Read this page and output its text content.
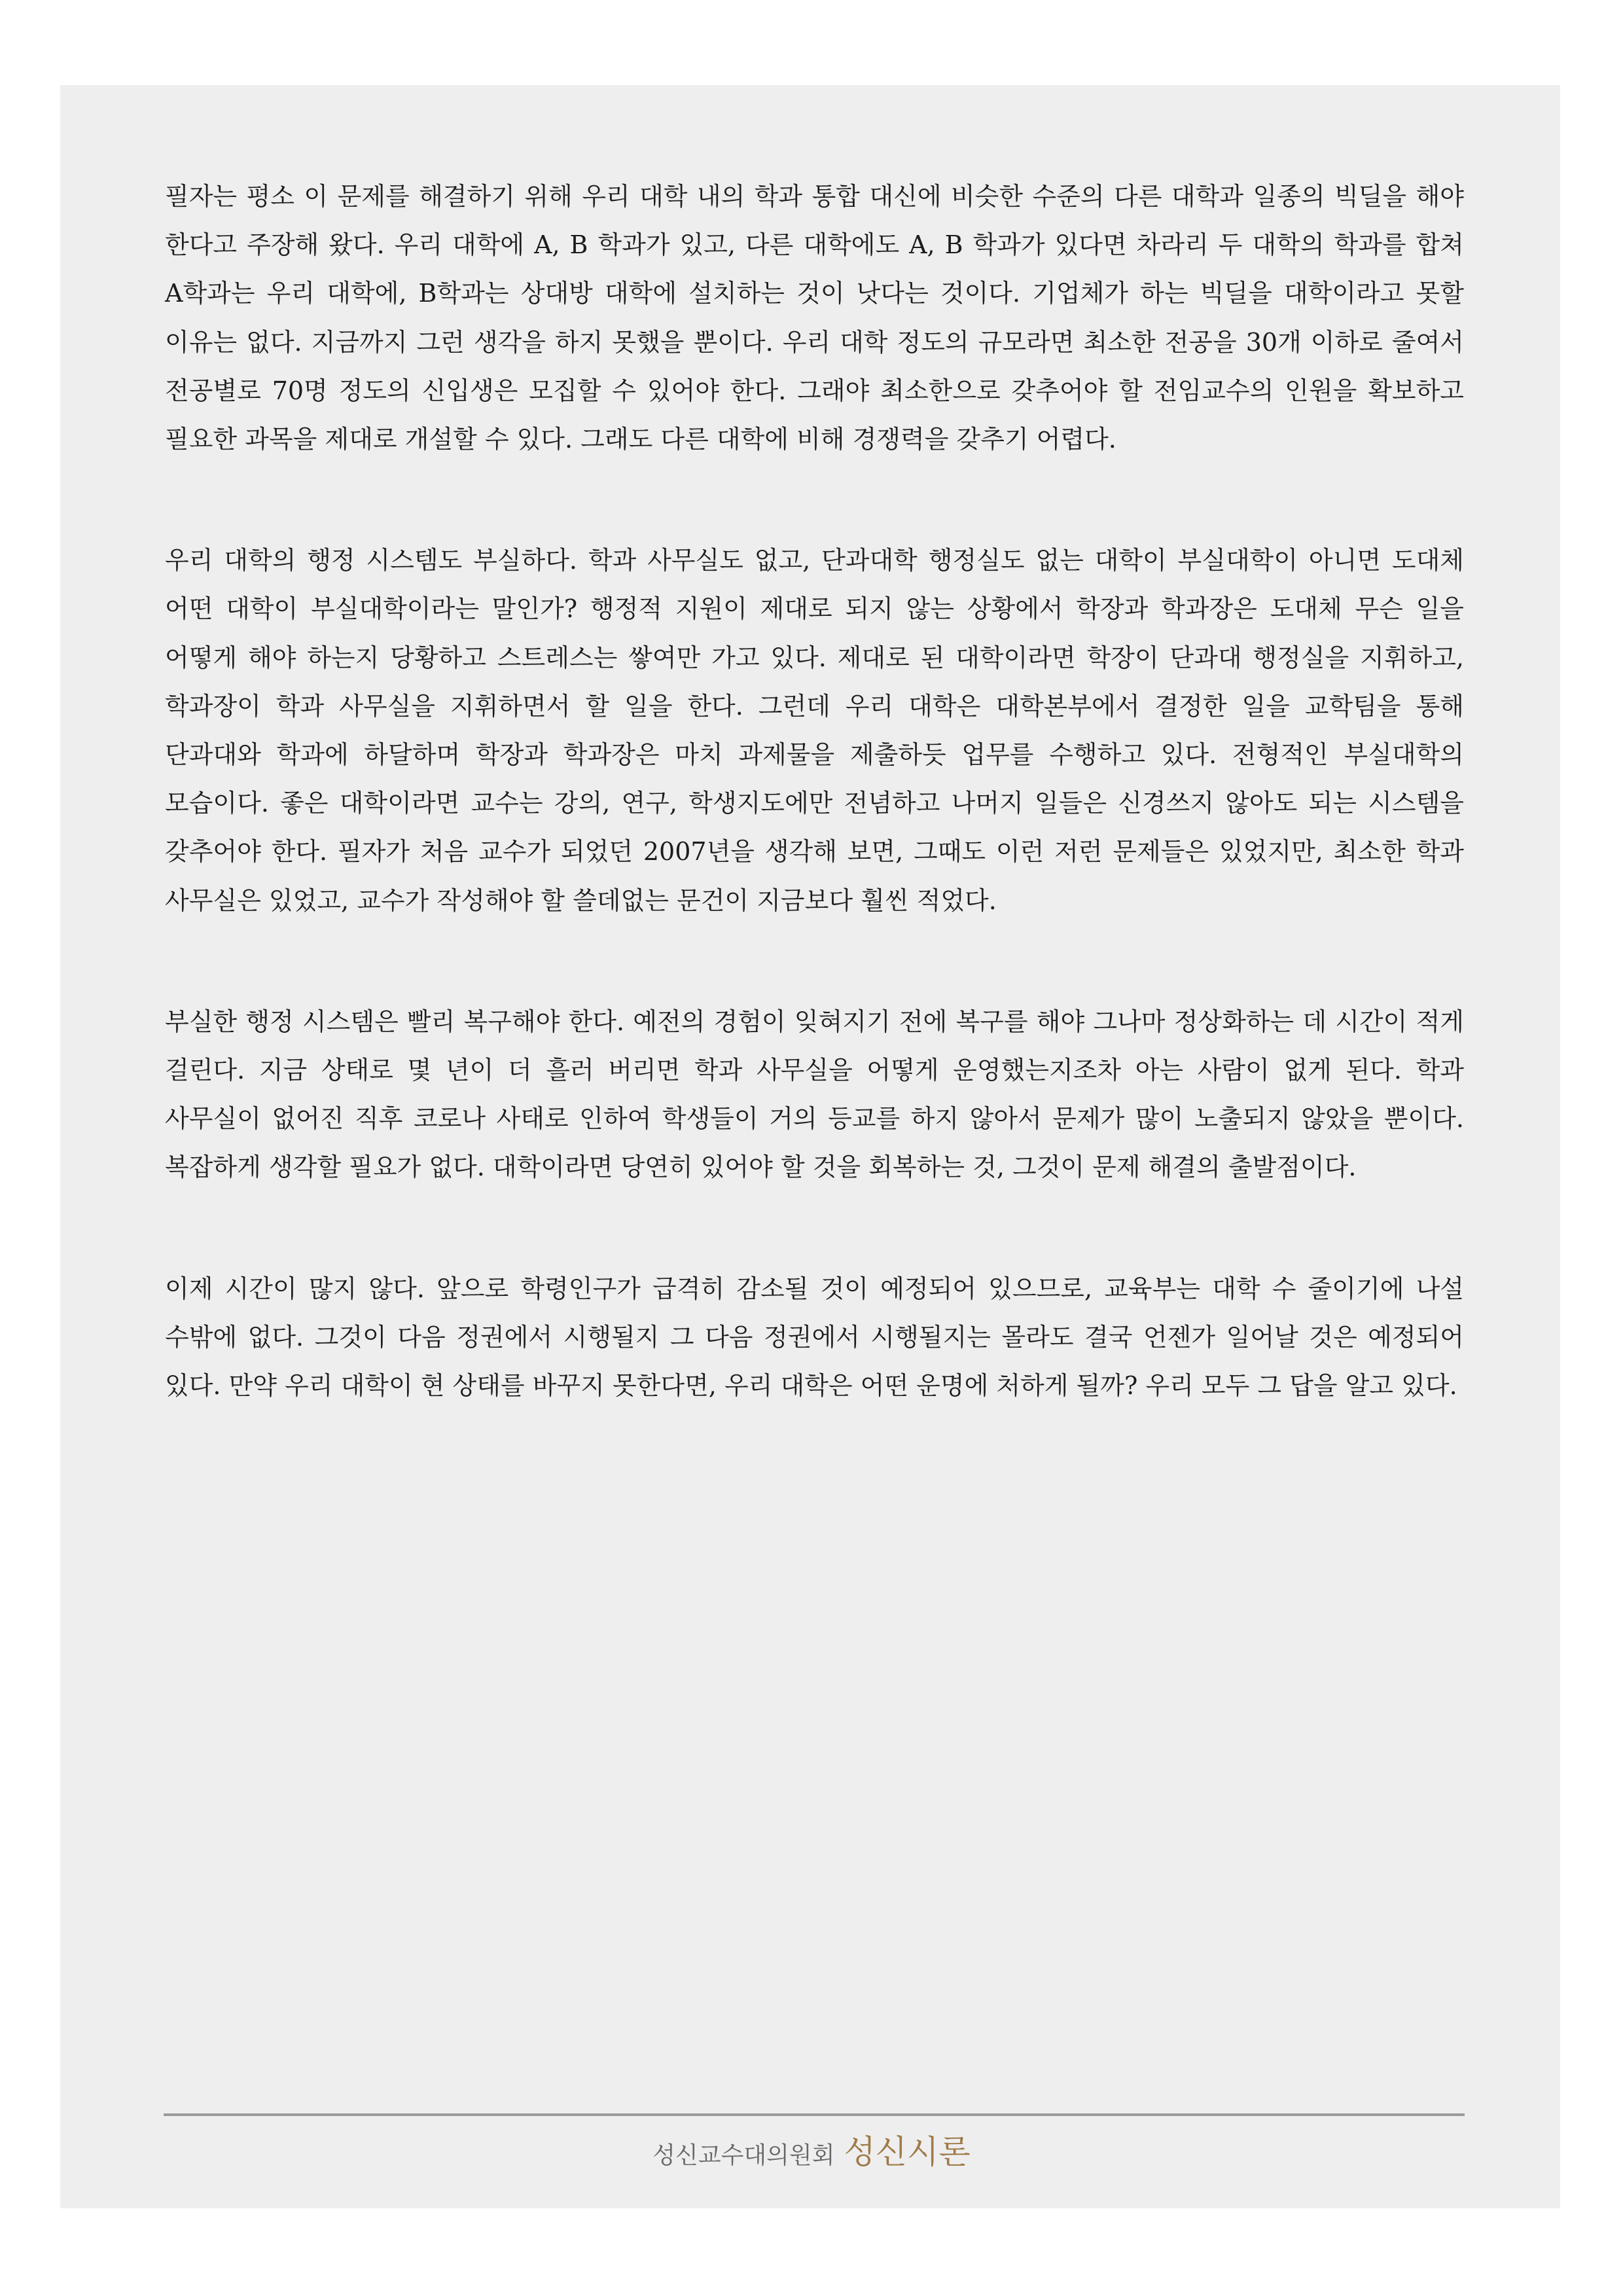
필자는 평소 이 문제를 해결하기 위해 우리 대학 내의 학과 통합 대신에 비슷한 수준의 다른 대학과 일종의 빅딜을 해야 한다고 주장해 왔다. 우리 대학에 A, B 학과가 있고, 다른 대학에도 A, B 학과가 있다면 차라리 두 대학의 학과를 합쳐 A학과는 우리 대학에, B학과는 상대방 대학에 설치하는 것이 낫다는 것이다. 기업체가 하는 빅딜을 대학이라고 못할 이유는 없다. 지금까지 그런 생각을 하지 못했을 뿐이다. 우리 대학 정도의 규모라면 최소한 전공을 30개 이하로 줄여서 전공별로 70명 정도의 신입생은 모집할 수 있어야 한다. 그래야 최소한으로 갖추어야 할 전임교수의 인원을 확보하고 필요한 과목을 제대로 개설할 수 있다. 그래도 다른 대학에 비해 경쟁력을 갖추기 어렵다.

우리 대학의 행정 시스템도 부실하다. 학과 사무실도 없고, 단과대학 행정실도 없는 대학이 부실대학이 아니면 도대체 어떤 대학이 부실대학이라는 말인가? 행정적 지원이 제대로 되지 않는 상황에서 학장과 학과장은 도대체 무슨 일을 어떻게 해야 하는지 당황하고 스트레스는 쌓여만 가고 있다. 제대로 된 대학이라면 학장이 단과대 행정실을 지휘하고, 학과장이 학과 사무실을 지휘하면서 할 일을 한다. 그런데 우리 대학은 대학본부에서 결정한 일을 교학팀을 통해 단과대와 학과에 하달하며 학장과 학과장은 마치 과제물을 제출하듯 업무를 수행하고 있다. 전형적인 부실대학의 모습이다. 좋은 대학이라면 교수는 강의, 연구, 학생지도에만 전념하고 나머지 일들은 신경쓰지 않아도 되는 시스템을 갖추어야 한다. 필자가 처음 교수가 되었던 2007년을 생각해 보면, 그때도 이런 저런 문제들은 있었지만, 최소한 학과 사무실은 있었고, 교수가 작성해야 할 쓸데없는 문건이 지금보다 훨씬 적었다.

부실한 행정 시스템은 빨리 복구해야 한다. 예전의 경험이 잊혀지기 전에 복구를 해야 그나마 정상화하는 데 시간이 적게 걸린다. 지금 상태로 몇 년이 더 흘러 버리면 학과 사무실을 어떻게 운영했는지조차 아는 사람이 없게 된다. 학과 사무실이 없어진 직후 코로나 사태로 인하여 학생들이 거의 등교를 하지 않아서 문제가 많이 노출되지 않았을 뿐이다. 복잡하게 생각할 필요가 없다. 대학이라면 당연히 있어야 할 것을 회복하는 것, 그것이 문제 해결의 출발점이다.

이제 시간이 많지 않다. 앞으로 학령인구가 급격히 감소될 것이 예정되어 있으므로, 교육부는 대학 수 줄이기에 나설 수밖에 없다. 그것이 다음 정권에서 시행될지 그 다음 정권에서 시행될지는 몰라도 결국 언젠가 일어날 것은 예정되어 있다. 만약 우리 대학이 현 상태를 바꾸지 못한다면, 우리 대학은 어떤 운명에 처하게 될까? 우리 모두 그 답을 알고 있다.

성신교수대의원회 성신시론
